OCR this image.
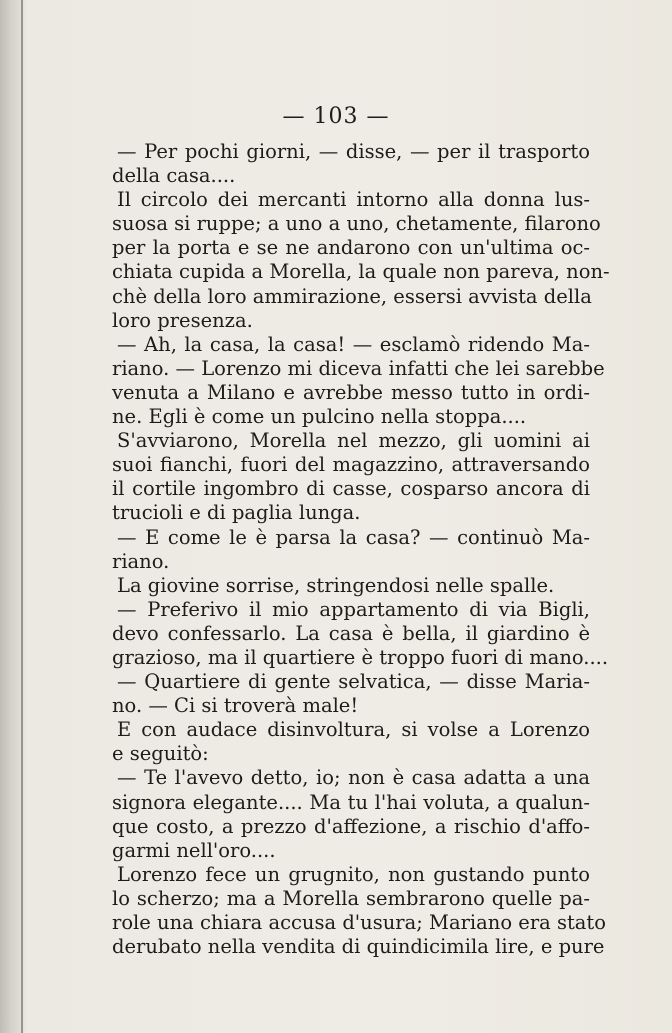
— 103 —
— Per pochi giorni, — disse, — per il trasporto
della casa....
Il circolo dei mercanti intorno alla donna lus-
suosa si ruppe; a uno a uno, chetamente, filarono
per la porta e se ne andarono con un'ultima oc-
chiata cupida a Morella, la quale non pareva, non-
chè della loro ammirazione, essersi avvista della
loro presenza.
— Ah, la casa, la casa! — esclamò ridendo Ma-
riano. — Lorenzo mi diceva infatti che lei sarebbe
venuta a Milano e avrebbe messo tutto in ordi-
ne. Egli è come un pulcino nella stoppa....
S'avviarono, Morella nel mezzo, gli uomini ai
suoi fianchi, fuori del magazzino, attraversando
il cortile ingombro di casse, cosparso ancora di
trucioli e di paglia lunga.
— E come le è parsa la casa? — continuò Ma-
riano.
La giovine sorrise, stringendosi nelle spalle.
— Preferivo il mio appartamento di via Bigli,
devo confessarlo. La casa è bella, il giardino è
grazioso, ma il quartiere è troppo fuori di mano....
— Quartiere di gente selvatica, — disse Maria-
no. — Ci si troverà male!
E con audace disinvoltura, si volse a Lorenzo
e seguitò:
— Te l'avevo detto, io; non è casa adatta a una
signora elegante.... Ma tu l'hai voluta, a qualun-
que costo, a prezzo d'affezione, a rischio d'affo-
garmi nell'oro....
Lorenzo fece un grugnito, non gustando punto
lo scherzo; ma a Morella sembrarono quelle pa-
role una chiara accusa d'usura; Mariano era stato
derubato nella vendita di quindicimila lire, e pure
